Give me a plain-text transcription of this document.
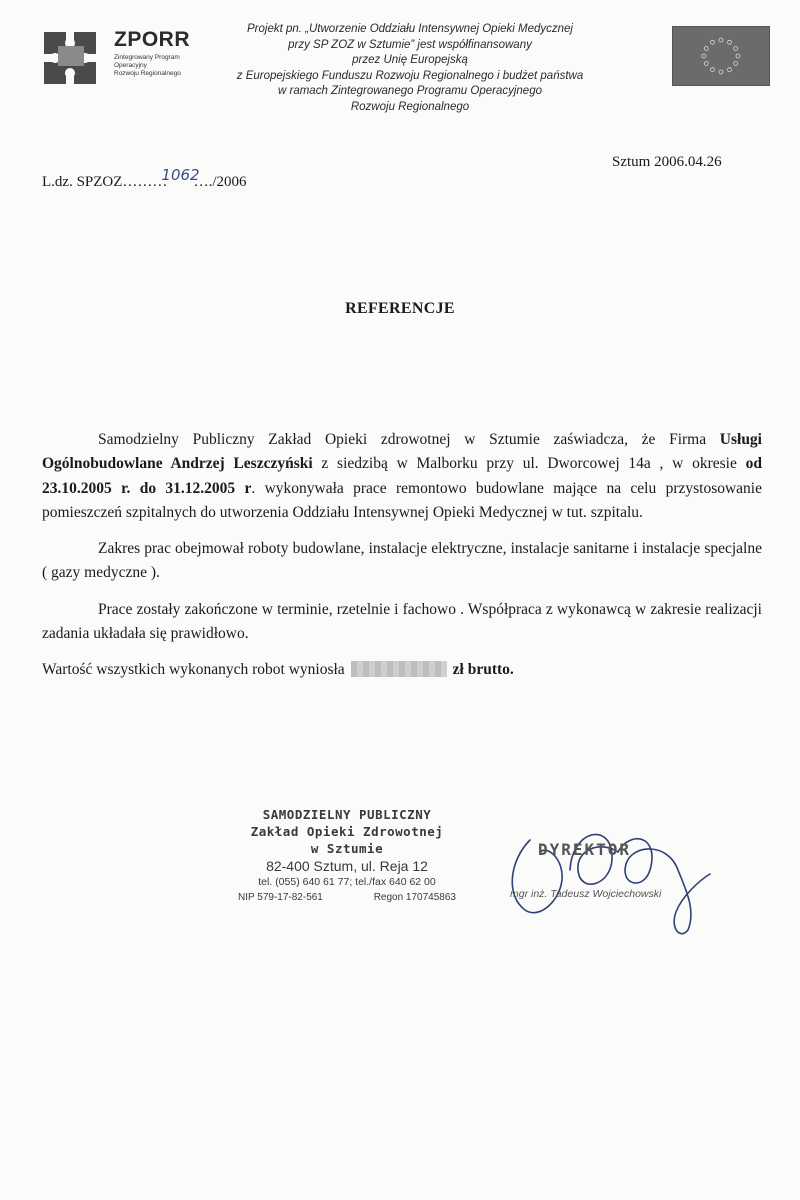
ZPORR
Zintegrowany Program
Operacyjny
Rozwoju Regionalnego
Projekt pn. „Utworzenie Oddziału Intensywnej Opieki Medycznej
przy SP ZOZ w Sztumie” jest współfinansowany
przez Unię Europejską
z Europejskiego Funduszu Rozwoju Regionalnego i budżet państwa
w ramach Zintegrowanego Programu Operacyjnego
Rozwoju Regionalnego
Sztum 2006.04.26
L.dz. SPZOZ………1062…./2006
REFERENCJE

Samodzielny Publiczny Zakład Opieki zdrowotnej w Sztumie zaświadcza, że Firma Usługi Ogólnobudowlane Andrzej Leszczyński z siedzibą w Malborku przy ul. Dworcowej 14a , w okresie od 23.10.2005 r. do 31.12.2005 r. wykonywała prace remontowo budowlane mające na celu przystosowanie pomieszczeń szpitalnych do utworzenia Oddziału Intensywnej Opieki Medycznej w tut. szpitalu.

Zakres prac obejmował roboty budowlane, instalacje elektryczne, instalacje sanitarne i instalacje specjalne ( gazy medyczne ).

Prace zostały zakończone w terminie, rzetelnie i fachowo . Współpraca z wykonawcą w zakresie realizacji zadania układała się prawidłowo.

Wartość wszystkich wykonanych robot wyniosła	zł brutto.

SAMODZIELNY PUBLICZNY
Zakład Opieki Zdrowotnej
w Sztumie
82-400 Sztum, ul. Reja 12
tel. (055) 640 61 77; tel./fax 640 62 00
NIP 579-17-82-561	Regon 170745863
DYREKTOR
mgr inż. Tadeusz Wojciechowski
